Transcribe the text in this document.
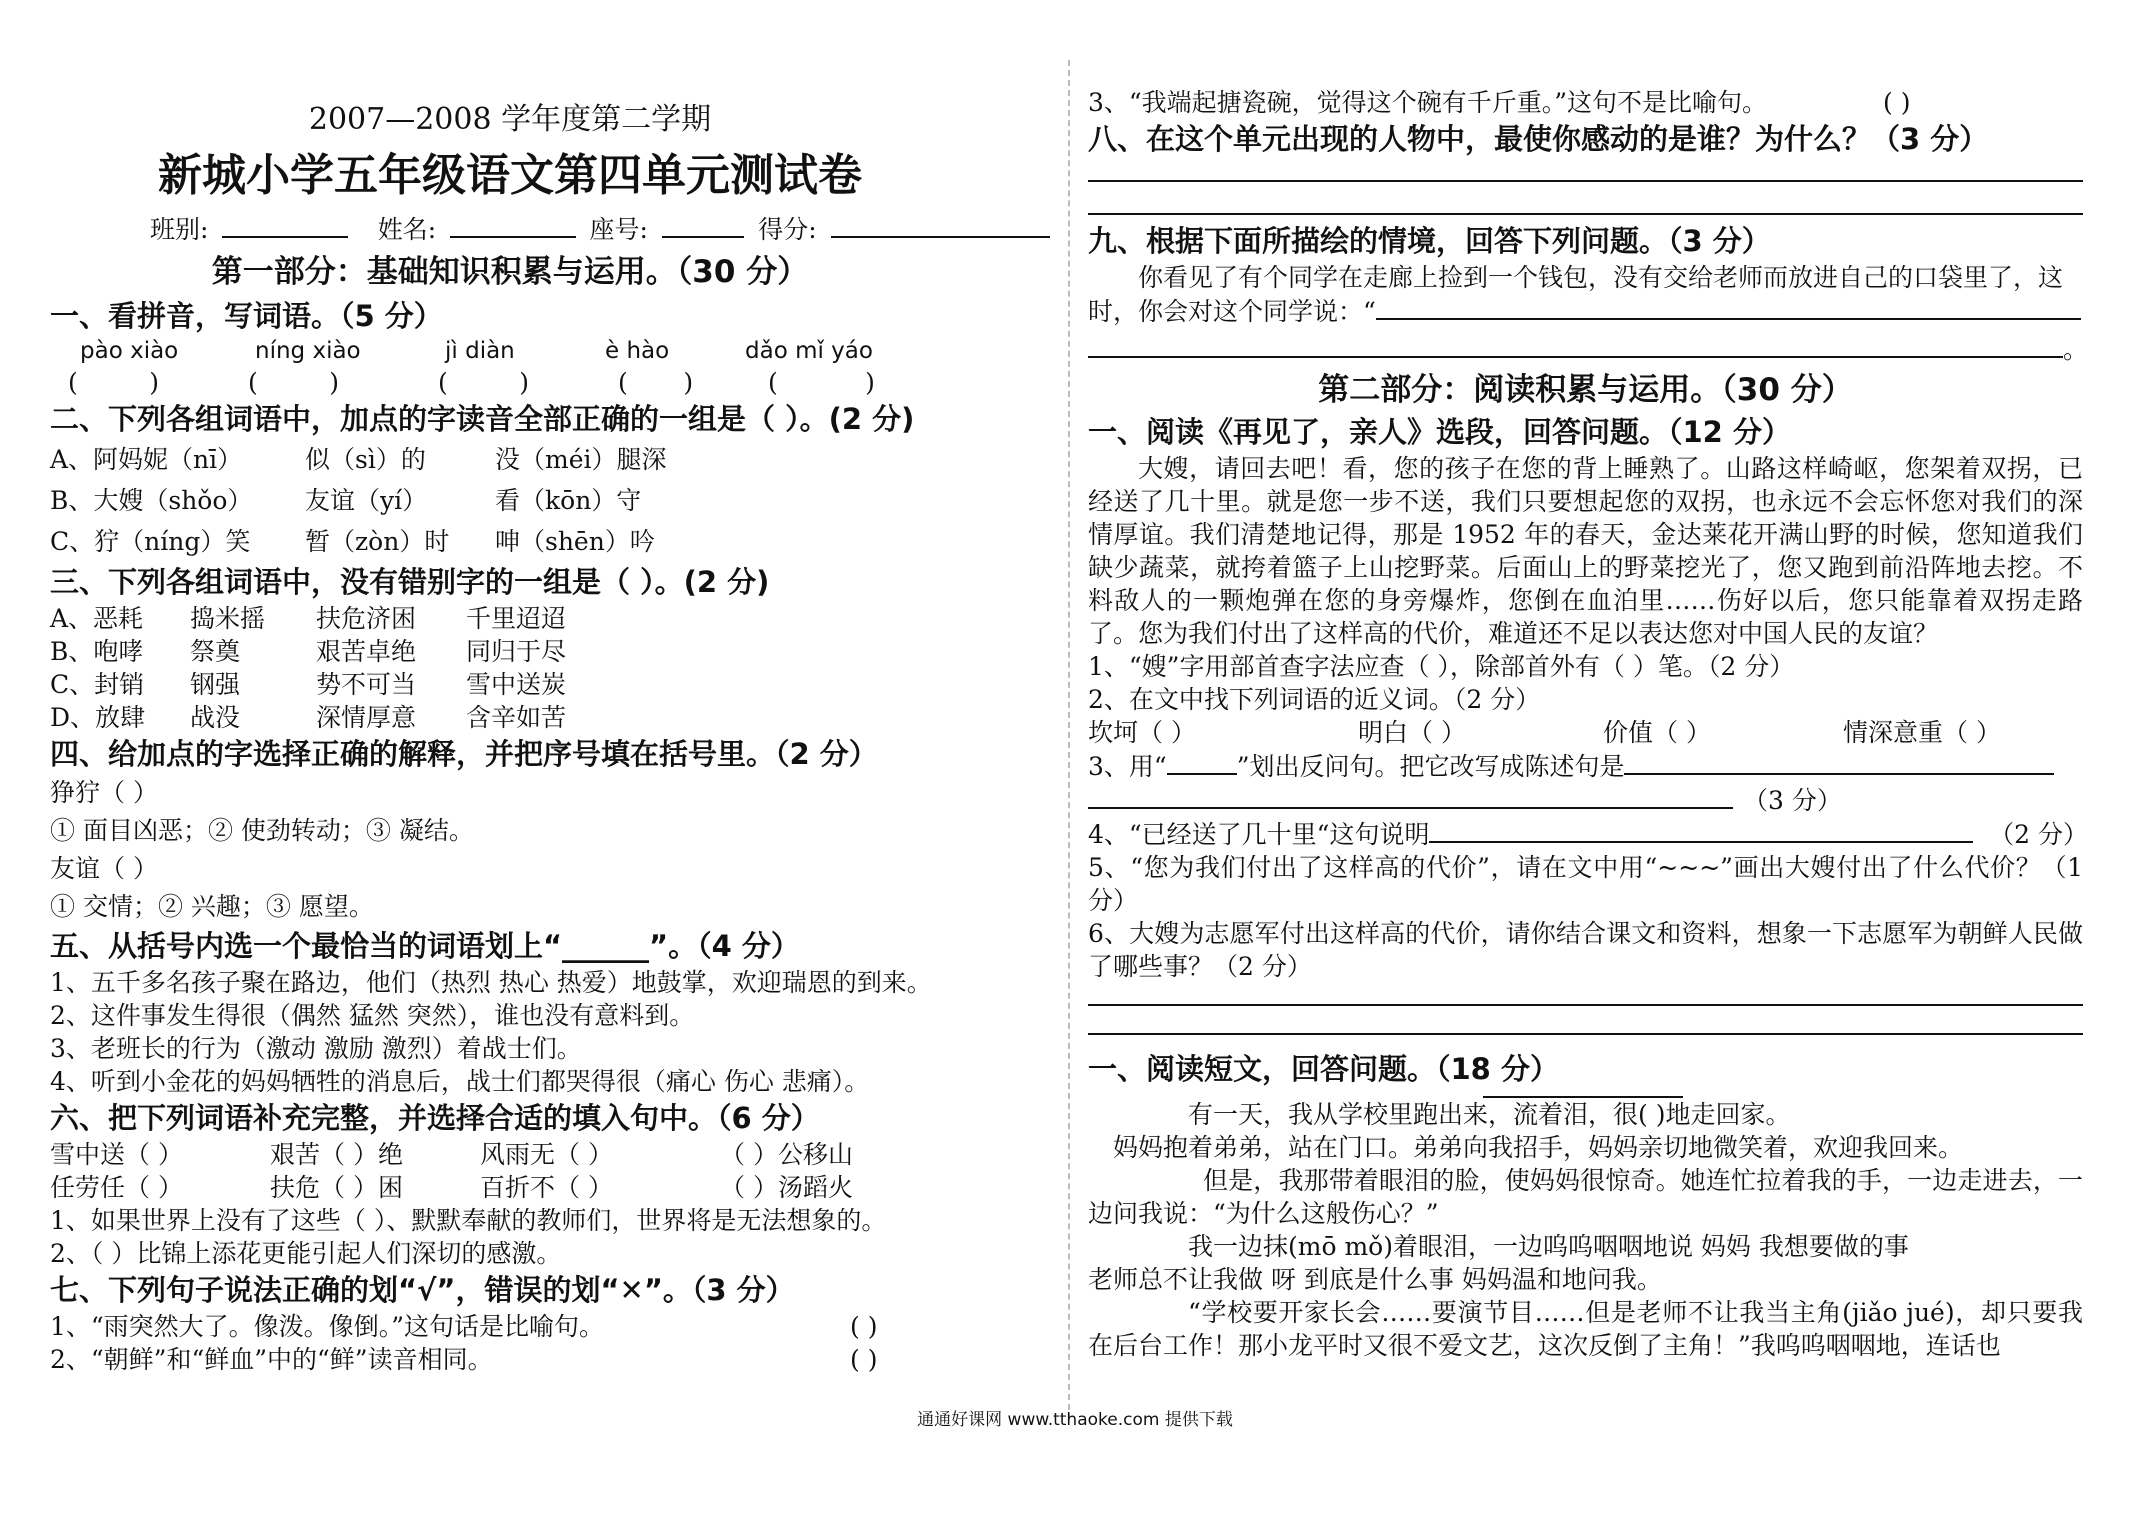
2007—2008 学年度第二学期
新城小学五年级语文第四单元测试卷
班别:	姓名:	座号:	得分:
第一部分：基础知识积累与运用。（30 分）
一、看拼音，写词语。（5 分）
pào xiào	níng xiào	jì diàn	è hào	dǎo mǐ yáo
(         )	(         )	(         )	(       )	(           )
二、下列各组词语中，加点的字读音全部正确的一组是（ ）。(2 分)
A、阿妈妮（nī）	似（sì）的	没（méi）腿深
B、大嫂（shǒo）	友谊（yí）	看（kōn）守
C、狞（níng）笑	暂（zòn）时	呻（shēn）吟
三、下列各组词语中，没有错别字的一组是（ ）。(2 分)
A、恶耗	捣米摇	扶危济困	千里迢迢
B、咆哮	祭奠	艰苦卓绝	同归于尽
C、封销	钢强	势不可当	雪中送炭
D、放肆	战没	深情厚意	含辛如苦
四、给加点的字选择正确的解释，并把序号填在括号里。（2 分）
狰狞（ ）
① 面目凶恶；② 使劲转动；③ 凝结。
友谊（ ）
① 交情；② 兴趣；③ 愿望。
五、从括号内选一个最恰当的词语划上“______”。（4 分）
1、五千多名孩子聚在路边，他们（热烈 热心 热爱）地鼓掌，欢迎瑞恩的到来。
2、这件事发生得很（偶然 猛然 突然），谁也没有意料到。
3、老班长的行为（激动 激励 激烈）着战士们。
4、听到小金花的妈妈牺牲的消息后，战士们都哭得很（痛心 伤心 悲痛）。
六、把下列词语补充完整，并选择合适的填入句中。（6 分）
雪中送（ ）	艰苦（ ）绝	风雨无（ ）	（ ）公移山
任劳任（ ）	扶危（ ）困	百折不（ ）	（ ）汤蹈火
1、如果世界上没有了这些（ ）、默默奉献的教师们，世界将是无法想象的。
2、（ ）比锦上添花更能引起人们深切的感激。
七、下列句子说法正确的划“√”，错误的划“✕”。（3 分）
1、“雨突然大了。像泼。像倒。”这句话是比喻句。	( )
2、“朝鲜”和“鲜血”中的“鲜”读音相同。	( )
3、“我端起搪瓷碗，觉得这个碗有千斤重。”这句不是比喻句。	( )
八、在这个单元出现的人物中，最使你感动的是谁？为什么？（3 分）
九、根据下面所描绘的情境，回答下列问题。（3 分）
你看见了有个同学在走廊上捡到一个钱包，没有交给老师而放进自己的口袋里了，这
时，你会对这个同学说：“
。
第二部分：阅读积累与运用。（30 分）
一、阅读《再见了，亲人》选段，回答问题。（12 分）
大嫂，请回去吧！看，您的孩子在您的背上睡熟了。山路这样崎岖，您架着双拐，已经送了几十里。就是您一步不送，我们只要想起您的双拐，也永远不会忘怀您对我们的深情厚谊。我们清楚地记得，那是 1952 年的春天，金达莱花开满山野的时候，您知道我们缺少蔬菜，就挎着篮子上山挖野菜。后面山上的野菜挖光了，您又跑到前沿阵地去挖。不料敌人的一颗炮弹在您的身旁爆炸，您倒在血泊里……伤好以后，您只能靠着双拐走路了。您为我们付出了这样高的代价，难道还不足以表达您对中国人民的友谊？
1、“嫂”字用部首查字法应查（ ），除部首外有（ ）笔。（2 分）
2、在文中找下列词语的近义词。（2 分）
坎坷（ ）	明白（ ）	价值（ ）	情深意重（ ）
3、用“	”划出反问句。把它改写成陈述句是
（3 分）
4、“已经送了几十里“这句说明	（2 分）
5、“您为我们付出了这样高的代价”，请在文中用“~~~”画出大嫂付出了什么代价？（1 分）
6、大嫂为志愿军付出这样高的代价，请你结合课文和资料，想象一下志愿军为朝鲜人民做了哪些事？（2 分）
一、阅读短文，回答问题。（18 分）
有一天，我从学校里跑出来，流着泪，很( )地走回家。
妈妈抱着弟弟，站在门口。弟弟向我招手，妈妈亲切地微笑着，欢迎我回来。
但是，我那带着眼泪的脸，使妈妈很惊奇。她连忙拉着我的手，一边走进去，一边问我说：“为什么这般伤心？”
我一边抹(mō mǒ)着眼泪，一边呜呜咽咽地说 妈妈 我想要做的事
老师总不让我做 呀 到底是什么事 妈妈温和地问我。
“学校要开家长会……要演节目……但是老师不让我当主角(jiǎo jué)，却只要我在后台工作！那小龙平时又很不爱文艺，这次反倒了主角！”我呜呜咽咽地，连话也
通通好课网 www.tthaoke.com 提供下载
